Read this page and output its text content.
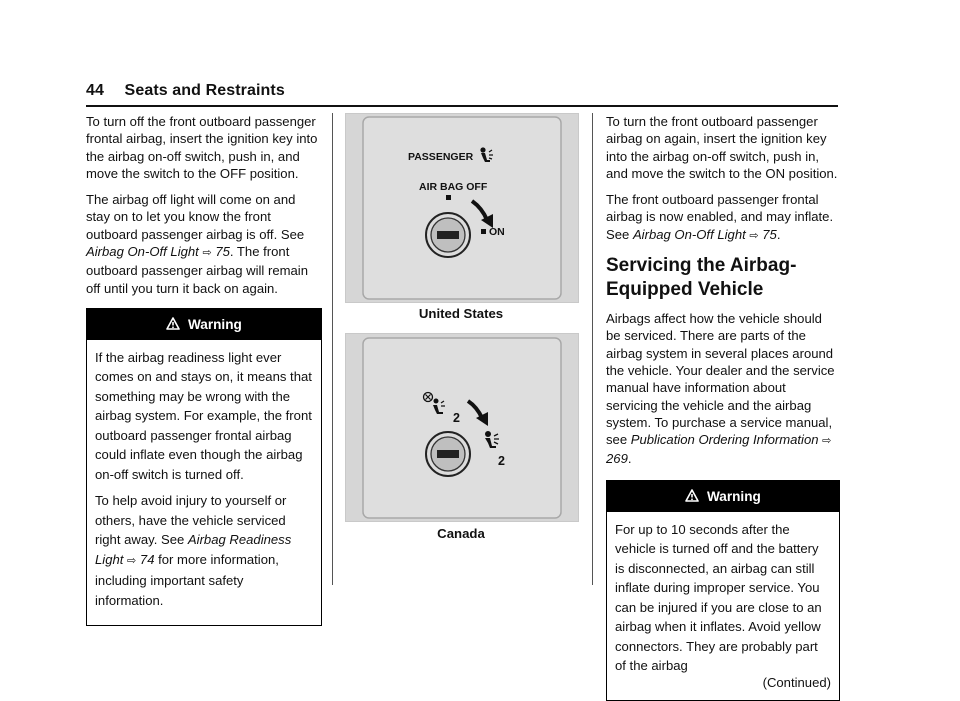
44 Seats and Restraints

To turn off the front outboard passenger frontal airbag, insert the ignition key into the airbag on-off switch, push in, and move the switch to the OFF position.

The airbag off light will come on and stay on to let you know the front outboard passenger airbag is off. See Airbag On-Off Light ⇨ 75. The front outboard passenger airbag will remain off until you turn it back on again.

Warning

If the airbag readiness light ever comes on and stays on, it means that something may be wrong with the airbag system. For example, the front outboard passenger frontal airbag could inflate even though the airbag on-off switch is turned off.

To help avoid injury to yourself or others, have the vehicle serviced right away. See Airbag Readiness Light ⇨ 74 for more information, including important safety information.

PASSENGER
AIR BAG OFF
ON
United States
2
2
Canada

To turn the front outboard passenger airbag on again, insert the ignition key into the airbag on-off switch, push in, and move the switch to the ON position.

The front outboard passenger frontal airbag is now enabled, and may inflate. See Airbag On-Off Light ⇨ 75.

Servicing the Airbag-Equipped Vehicle

Airbags affect how the vehicle should be serviced. There are parts of the airbag system in several places around the vehicle. Your dealer and the service manual have information about servicing the vehicle and the airbag system. To purchase a service manual, see Publication Ordering Information ⇨ 269.

Warning

For up to 10 seconds after the vehicle is turned off and the battery is disconnected, an airbag can still inflate during improper service. You can be injured if you are close to an airbag when it inflates. Avoid yellow connectors. They are probably part of the airbag

(Continued)
